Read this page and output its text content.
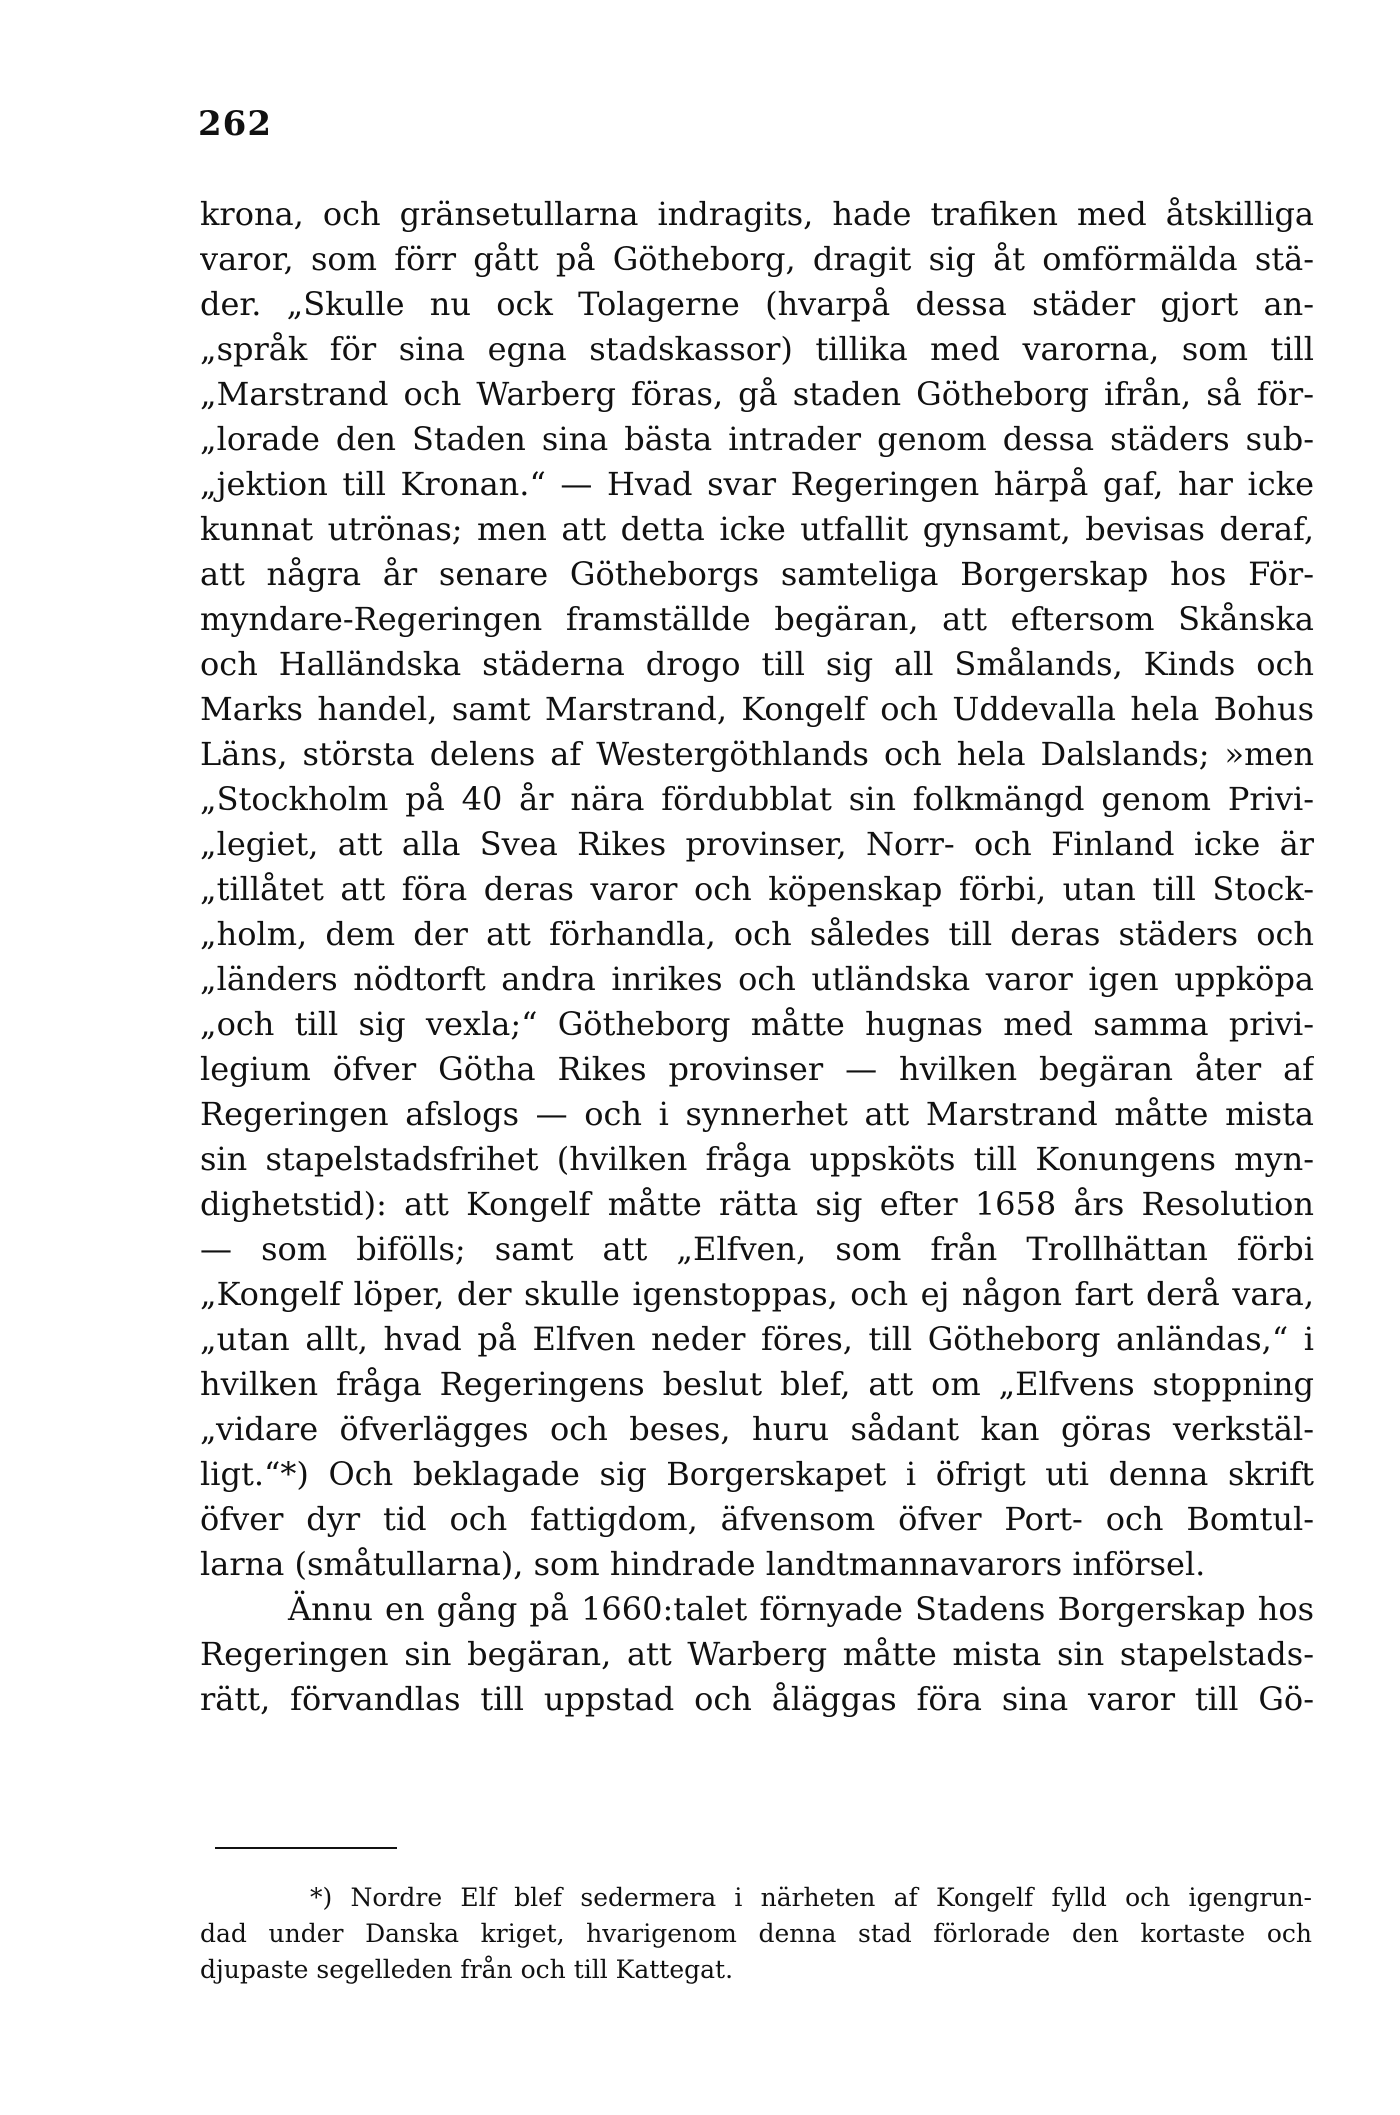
262
krona, och gränsetullarna indragits, hade trafiken med åtskilliga
varor, som förr gått på Götheborg, dragit sig åt omförmälda stä-
der. „Skulle nu ock Tolagerne (hvarpå dessa städer gjort an-
„språk för sina egna stadskassor) tillika med varorna, som till
„Marstrand och Warberg föras, gå staden Götheborg ifrån, så för-
„lorade den Staden sina bästa intrader genom dessa städers sub-
„jektion till Kronan.“ — Hvad svar Regeringen härpå gaf, har icke
kunnat utrönas; men att detta icke utfallit gynsamt, bevisas deraf,
att några år senare Götheborgs samteliga Borgerskap hos För-
myndare-Regeringen framställde begäran, att eftersom Skånska
och Halländska städerna drogo till sig all Smålands, Kinds och
Marks handel, samt Marstrand, Kongelf och Uddevalla hela Bohus
Läns, största delens af Westergöthlands och hela Dalslands; »men
„Stockholm på 40 år nära fördubblat sin folkmängd genom Privi-
„legiet, att alla Svea Rikes provinser, Norr- och Finland icke är
„tillåtet att föra deras varor och köpenskap förbi, utan till Stock-
„holm, dem der att förhandla, och således till deras städers och
„länders nödtorft andra inrikes och utländska varor igen uppköpa
„och till sig vexla;“ Götheborg måtte hugnas med samma privi-
legium öfver Götha Rikes provinser — hvilken begäran åter af
Regeringen afslogs — och i synnerhet att Marstrand måtte mista
sin stapelstadsfrihet (hvilken fråga uppsköts till Konungens myn-
dighetstid): att Kongelf måtte rätta sig efter 1658 års Resolution
— som bifölls; samt att „Elfven, som från Trollhättan förbi
„Kongelf löper, der skulle igenstoppas, och ej någon fart derå vara,
„utan allt, hvad på Elfven neder föres, till Götheborg anländas,“ i
hvilken fråga Regeringens beslut blef, att om „Elfvens stoppning
„vidare öfverlägges och beses, huru sådant kan göras verkstäl-
ligt.“*) Och beklagade sig Borgerskapet i öfrigt uti denna skrift
öfver dyr tid och fattigdom, äfvensom öfver Port- och Bomtul-
larna (småtullarna), som hindrade landtmannavarors införsel.
Ännu en gång på 1660:talet förnyade Stadens Borgerskap hos
Regeringen sin begäran, att Warberg måtte mista sin stapelstads-
rätt, förvandlas till uppstad och åläggas föra sina varor till Gö-
*) Nordre Elf blef sedermera i närheten af Kongelf fylld och igengrun-
dad under Danska kriget, hvarigenom denna stad förlorade den kortaste och
djupaste segelleden från och till Kattegat.
